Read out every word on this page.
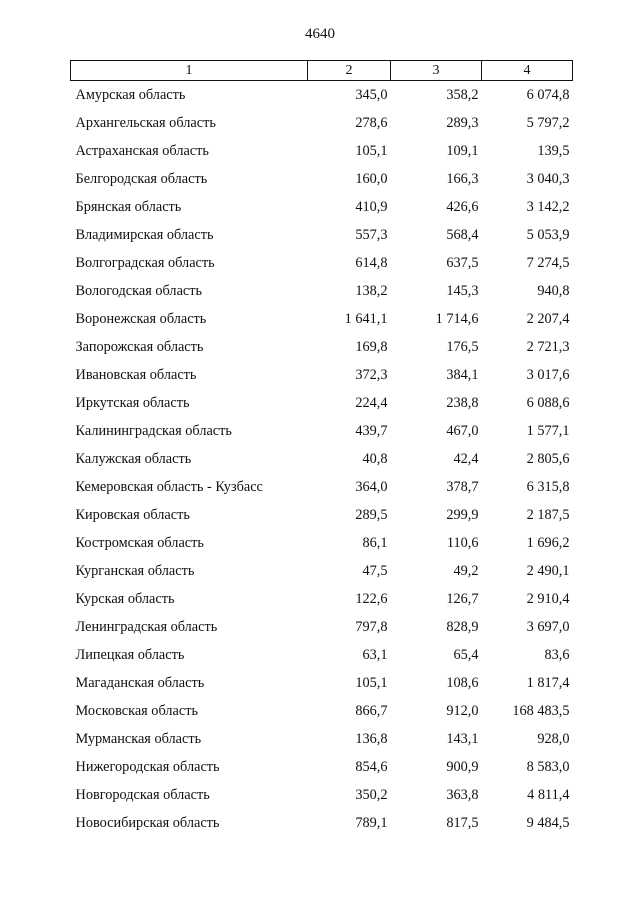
4640
1	2	3	4
Амурская область	345,0	358,2	6 074,8
Архангельская область	278,6	289,3	5 797,2
Астраханская область	105,1	109,1	139,5
Белгородская область	160,0	166,3	3 040,3
Брянская область	410,9	426,6	3 142,2
Владимирская область	557,3	568,4	5 053,9
Волгоградская область	614,8	637,5	7 274,5
Вологодская область	138,2	145,3	940,8
Воронежская область	1 641,1	1 714,6	2 207,4
Запорожская область	169,8	176,5	2 721,3
Ивановская область	372,3	384,1	3 017,6
Иркутская область	224,4	238,8	6 088,6
Калининградская область	439,7	467,0	1 577,1
Калужская область	40,8	42,4	2 805,6
Кемеровская область - Кузбасс	364,0	378,7	6 315,8
Кировская область	289,5	299,9	2 187,5
Костромская область	86,1	110,6	1 696,2
Курганская область	47,5	49,2	2 490,1
Курская область	122,6	126,7	2 910,4
Ленинградская область	797,8	828,9	3 697,0
Липецкая область	63,1	65,4	83,6
Магаданская область	105,1	108,6	1 817,4
Московская область	866,7	912,0	168 483,5
Мурманская область	136,8	143,1	928,0
Нижегородская область	854,6	900,9	8 583,0
Новгородская область	350,2	363,8	4 811,4
Новосибирская область	789,1	817,5	9 484,5
